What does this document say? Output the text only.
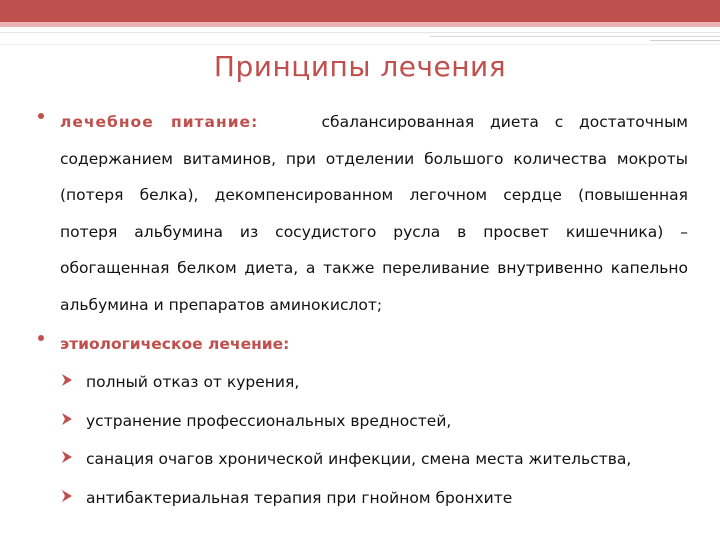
Принципы лечения
лечебное питание:	сбалансированная диета с достаточным содержанием витаминов, при отделении большого количества мокроты (потеря белка), декомпенсированном легочном сердце (повышенная потеря альбумина из сосудистого русла в просвет кишечника) – обогащенная белком диета, а также переливание внутривенно капельно альбумина и препаратов аминокислот;
этиологическое лечение:
полный отказ от курения,
устранение профессиональных вредностей,
санация очагов хронической инфекции, смена места жительства,
антибактериальная терапия при гнойном бронхите
